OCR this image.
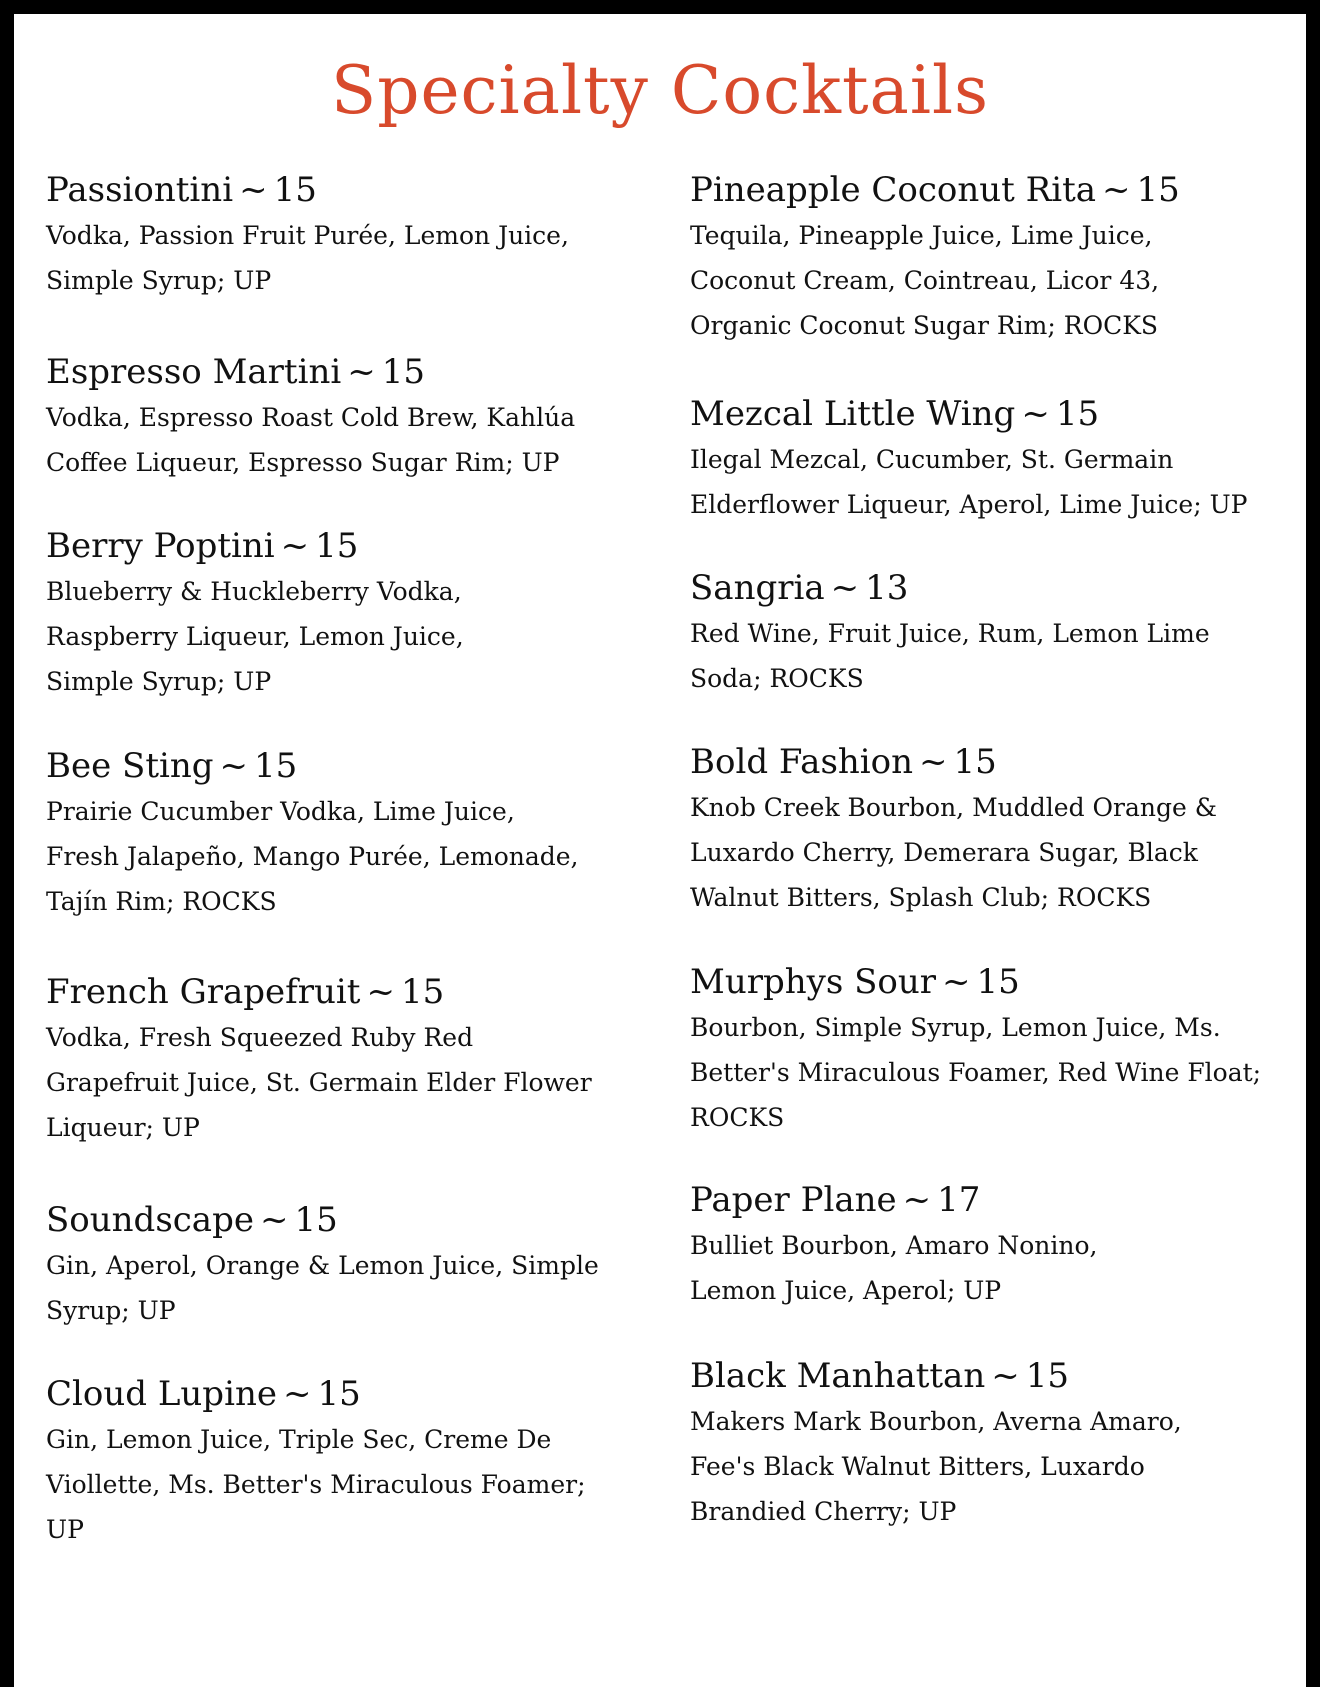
Specialty Cocktails
Passiontini ~ 15
Vodka, Passion Fruit Purée, Lemon Juice,
Simple Syrup; UP
Espresso Martini ~ 15
Vodka, Espresso Roast Cold Brew, Kahlúa
Coffee Liqueur, Espresso Sugar Rim; UP
Berry Poptini ~ 15
Blueberry & Huckleberry Vodka,
Raspberry Liqueur, Lemon Juice,
Simple Syrup; UP
Bee Sting ~ 15
Prairie Cucumber Vodka, Lime Juice,
Fresh Jalapeño, Mango Purée, Lemonade,
Tajín Rim; ROCKS
French Grapefruit ~ 15
Vodka, Fresh Squeezed Ruby Red
Grapefruit Juice, St. Germain Elder Flower
Liqueur; UP
Soundscape ~ 15
Gin, Aperol, Orange & Lemon Juice, Simple
Syrup; UP
Cloud Lupine ~ 15
Gin, Lemon Juice, Triple Sec, Creme De
Viollette, Ms. Better's Miraculous Foamer;
UP
Pineapple Coconut Rita ~ 15
Tequila, Pineapple Juice, Lime Juice,
Coconut Cream, Cointreau, Licor 43,
Organic Coconut Sugar Rim; ROCKS
Mezcal Little Wing ~ 15
Ilegal Mezcal, Cucumber, St. Germain
Elderflower Liqueur, Aperol, Lime Juice; UP
Sangria ~ 13
Red Wine, Fruit Juice, Rum, Lemon Lime
Soda; ROCKS
Bold Fashion ~ 15
Knob Creek Bourbon, Muddled Orange &
Luxardo Cherry, Demerara Sugar, Black
Walnut Bitters, Splash Club; ROCKS
Murphys Sour ~ 15
Bourbon, Simple Syrup, Lemon Juice, Ms.
Better's Miraculous Foamer, Red Wine Float;
ROCKS
Paper Plane ~ 17
Bulliet Bourbon, Amaro Nonino,
Lemon Juice, Aperol; UP
Black Manhattan ~ 15
Makers Mark Bourbon, Averna Amaro,
Fee's Black Walnut Bitters, Luxardo
Brandied Cherry; UP
